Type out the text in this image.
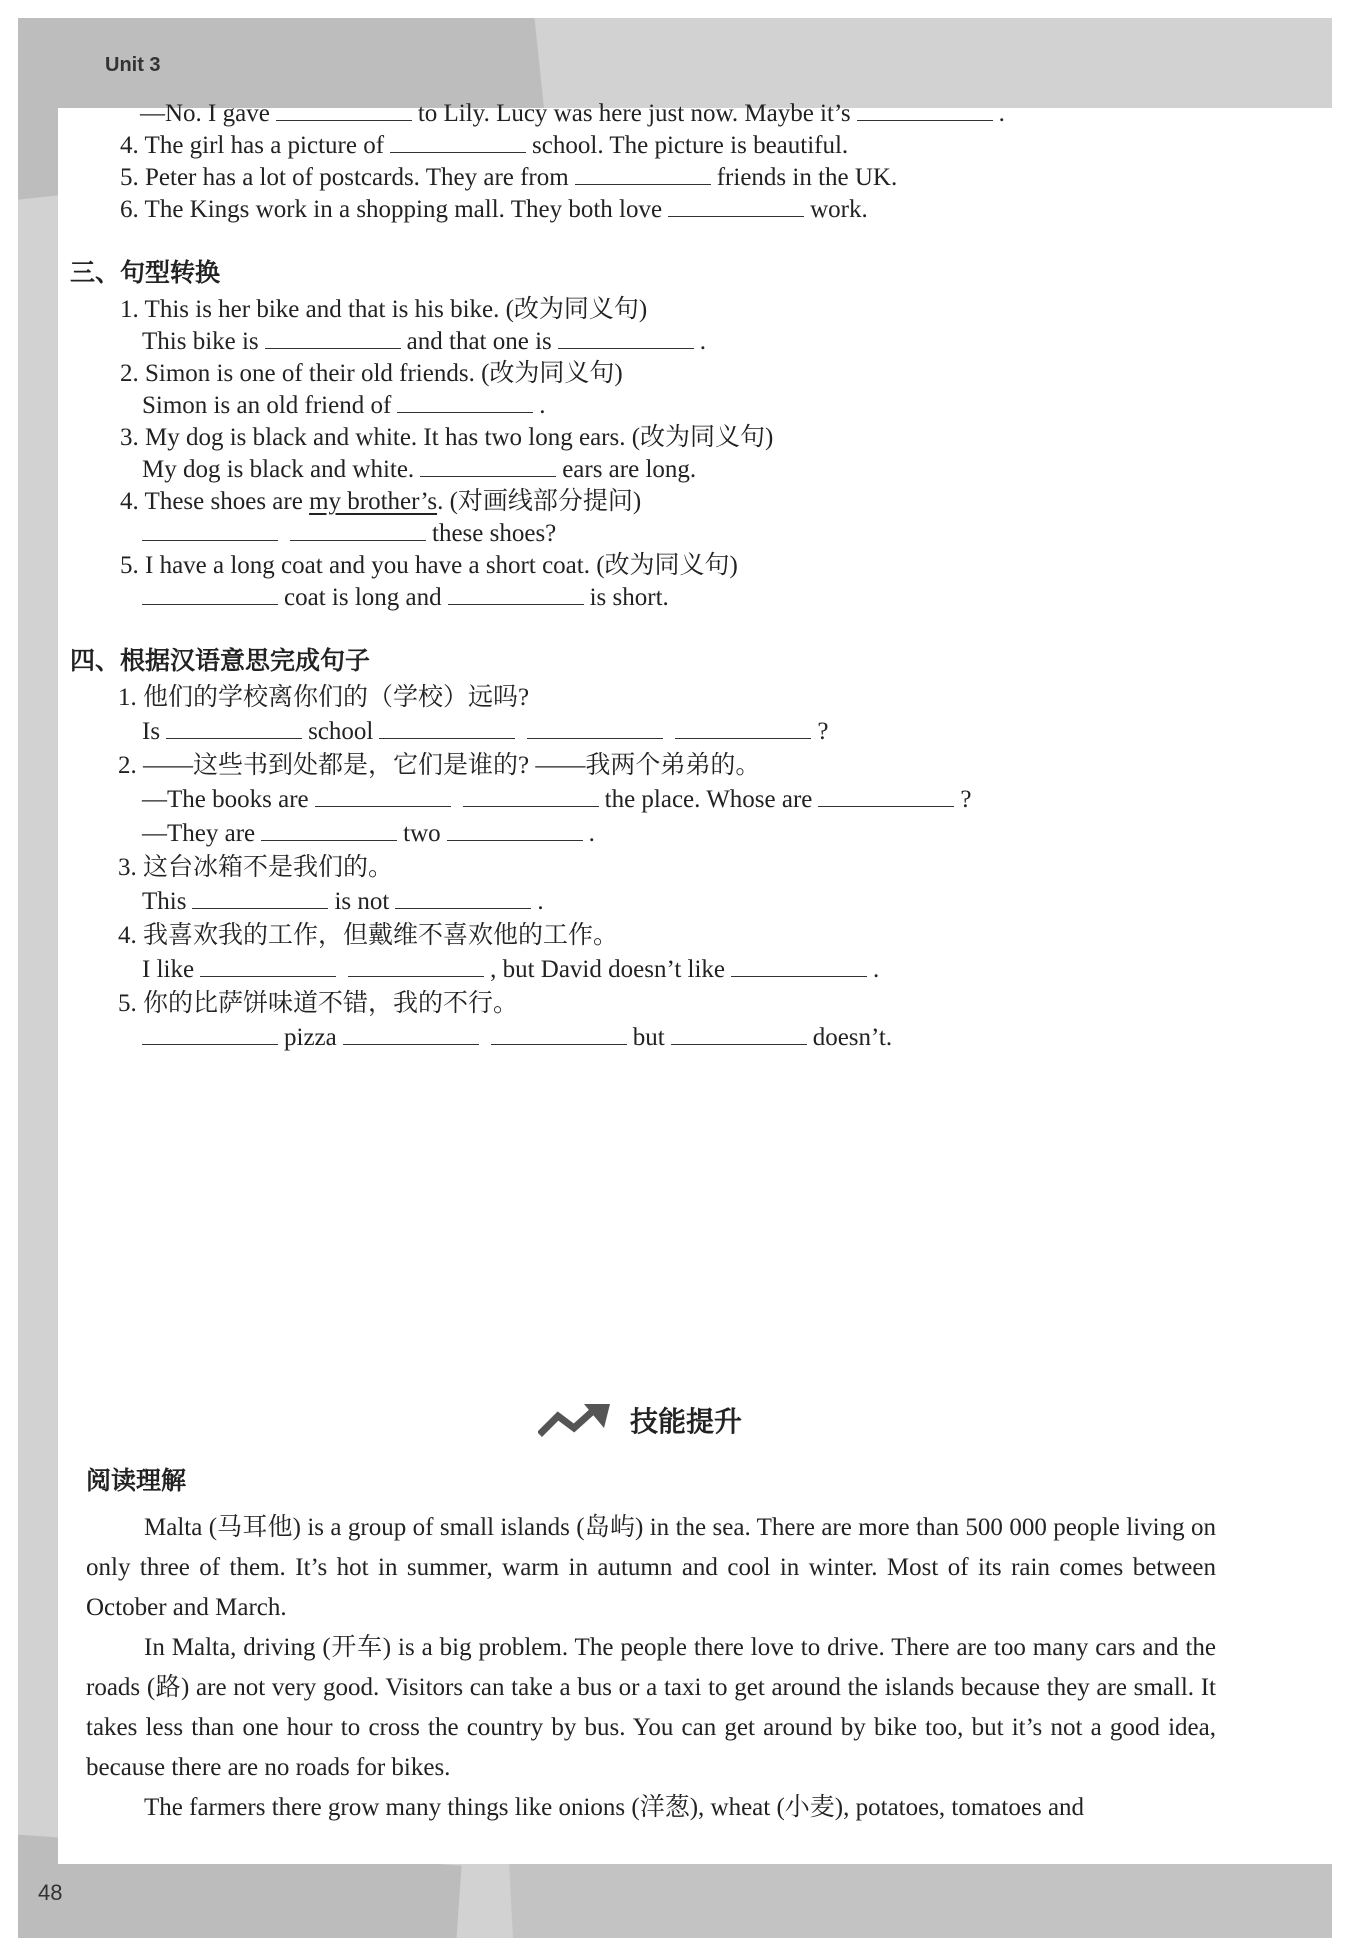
Unit 3
—No. I gave	to Lily. Lucy was here just now. Maybe it’s	.
4. The girl has a picture of	school. The picture is beautiful.
5. Peter has a lot of postcards. They are from	friends in the UK.
6. The Kings work in a shopping mall. They both love	work.
三、句型转换
1. This is her bike and that is his bike. (改为同义句)
This bike is	and that one is	.
2. Simon is one of their old friends. (改为同义句)
Simon is an old friend of	.
3. My dog is black and white. It has two long ears. (改为同义句)
My dog is black and white.	ears are long.
4. These shoes are my brother’s. (对画线部分提问)
these shoes?
5. I have a long coat and you have a short coat. (改为同义句)
coat is long and	is short.
四、根据汉语意思完成句子
1. 他们的学校离你们的（学校）远吗?
Is	school	?
2. ——这些书到处都是，它们是谁的? ——我两个弟弟的。
—The books are	the place. Whose are	?
—They are	two	.
3. 这台冰箱不是我们的。
This	is not	.
4. 我喜欢我的工作，但戴维不喜欢他的工作。
I like	, but David doesn’t like	.
5. 你的比萨饼味道不错，我的不行。
pizza	but	doesn’t.
技能提升
阅读理解
Malta (马耳他) is a group of small islands (岛屿) in the sea. There are more than 500 000 people living on only three of them. It’s hot in summer, warm in autumn and cool in winter. Most of its rain comes between October and March.
In Malta, driving (开车) is a big problem. The people there love to drive. There are too many cars and the roads (路) are not very good. Visitors can take a bus or a taxi to get around the islands because they are small. It takes less than one hour to cross the country by bus. You can get around by bike too, but it’s not a good idea, because there are no roads for bikes.
The farmers there grow many things like onions (洋葱), wheat (小麦), potatoes, tomatoes and
48
